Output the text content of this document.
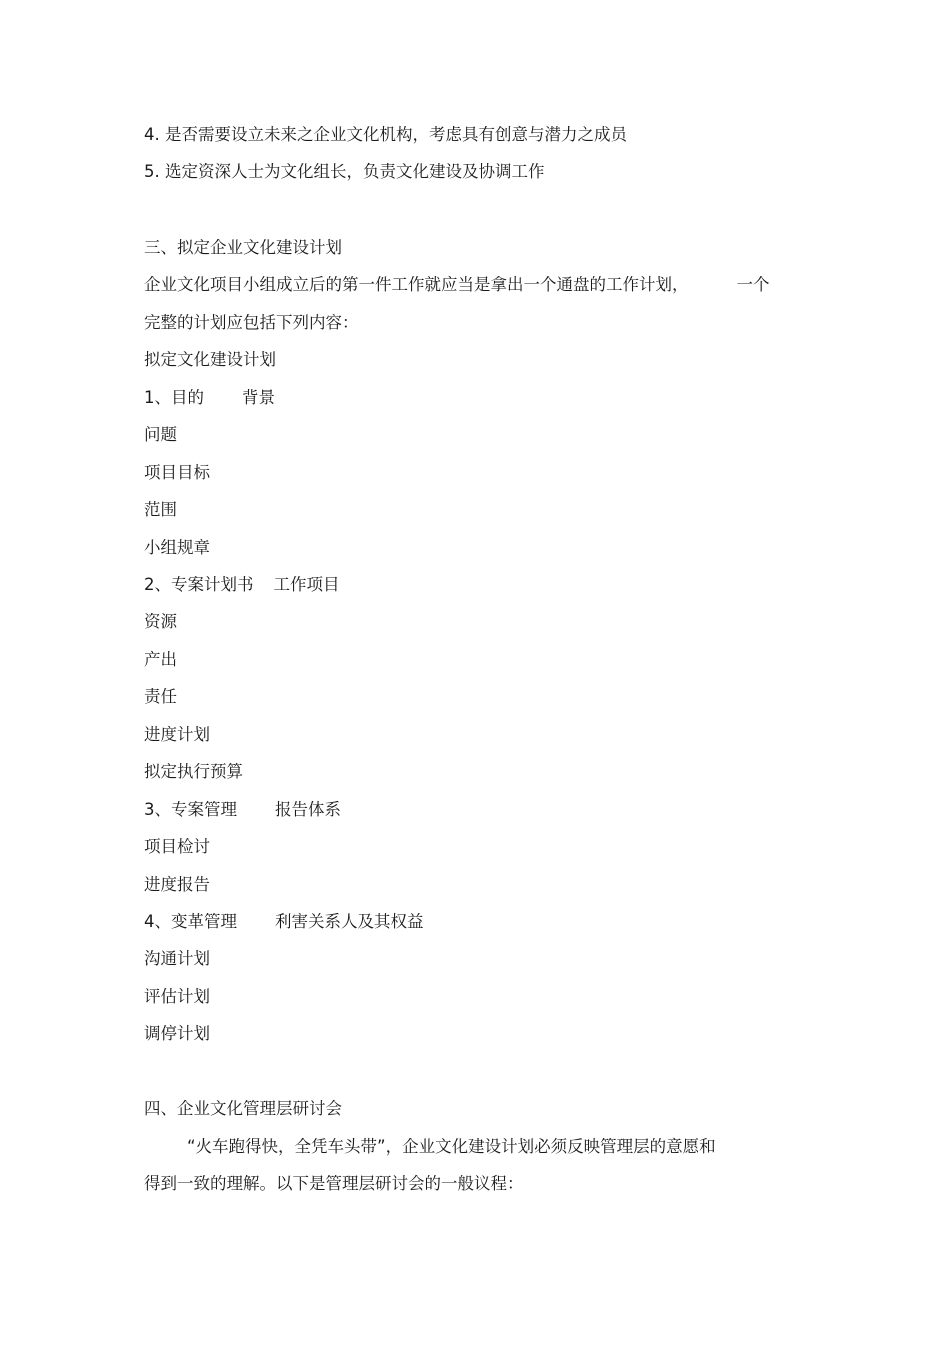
4. 是否需要设立未来之企业文化机构，考虑具有创意与潜力之成员

5. 选定资深人士为文化组长，负责文化建设及协调工作

三、拟定企业文化建设计划

企业文化项目小组成立后的第一件工作就应当是拿出一个通盘的工作计划，	一个

完整的计划应包括下列内容：

拟定文化建设计划

1、目的 背景

问题

项目目标

范围

小组规章

2、专案计划书 工作项目

资源

产出

责任

进度计划

拟定执行预算

3、专案管理 报告体系

项目检讨

进度报告

4、变革管理 利害关系人及其权益

沟通计划

评估计划

调停计划

四、企业文化管理层研讨会

“火车跑得快，全凭车头带”，企业文化建设计划必须反映管理层的意愿和

得到一致的理解。以下是管理层研讨会的一般议程：
